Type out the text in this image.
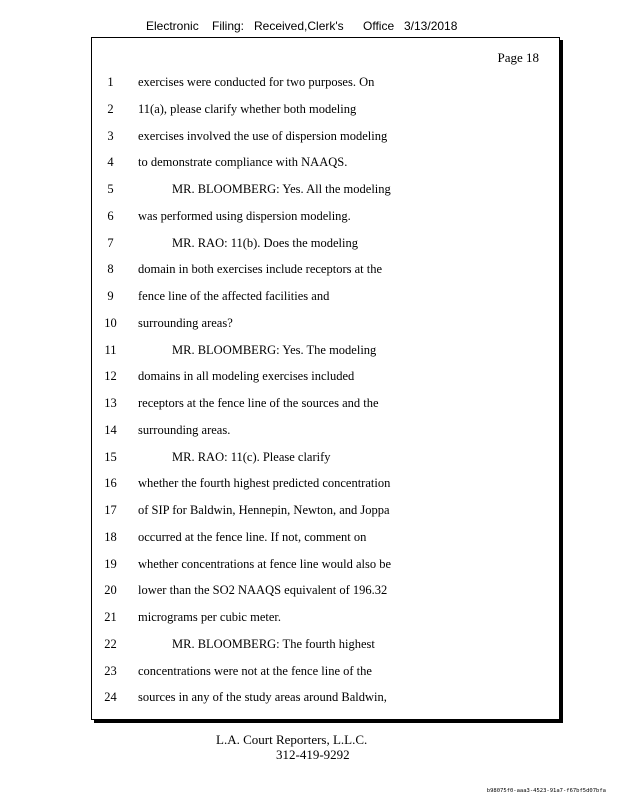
Electronic Filing: Received,Clerk's Office 3/13/2018
Page 18
1	exercises were conducted for two purposes. On
2	11(a), please clarify whether both modeling
3	exercises involved the use of dispersion modeling
4	to demonstrate compliance with NAAQS.
5	MR. BLOOMBERG: Yes. All the modeling
6	was performed using dispersion modeling.
7	MR. RAO: 11(b). Does the modeling
8	domain in both exercises include receptors at the
9	fence line of the affected facilities and
10	surrounding areas?
11	MR. BLOOMBERG: Yes. The modeling
12	domains in all modeling exercises included
13	receptors at the fence line of the sources and the
14	surrounding areas.
15	MR. RAO: 11(c). Please clarify
16	whether the fourth highest predicted concentration
17	of SIP for Baldwin, Hennepin, Newton, and Joppa
18	occurred at the fence line. If not, comment on
19	whether concentrations at fence line would also be
20	lower than the SO2 NAAQS equivalent of 196.32
21	micrograms per cubic meter.
22	MR. BLOOMBERG: The fourth highest
23	concentrations were not at the fence line of the
24	sources in any of the study areas around Baldwin,
L.A. Court Reporters, L.L.C.
312-419-9292
b98075f0-aaa3-4523-91a7-f67bf5d07bfa
